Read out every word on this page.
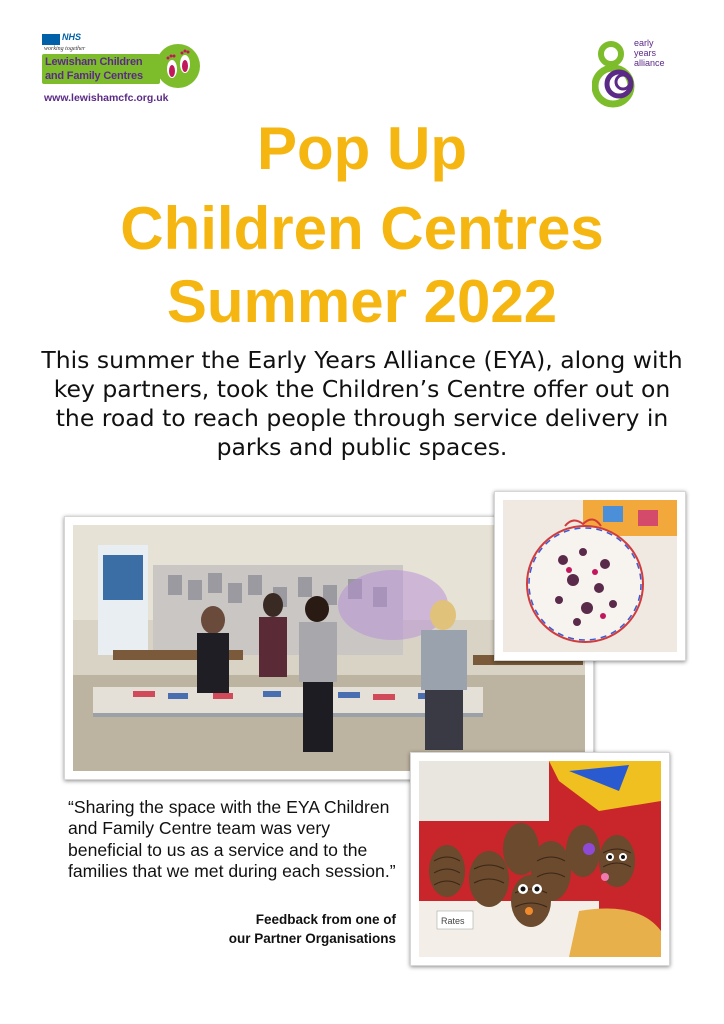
NHS
working together
Lewisham Children
and Family Centres
www.lewishamcfc.org.uk
early
years
alliance
Pop Up
Children Centres
Summer 2022
This summer the Early Years Alliance (EYA), along with key partners, took the Children’s Centre offer out on the road to reach people through service delivery in parks and public spaces.
Rates
“Sharing the space with the EYA Children and Family Centre team was very beneficial to us as a service and to the families that we met during each session.”
Feedback from one of
our Partner Organisations
